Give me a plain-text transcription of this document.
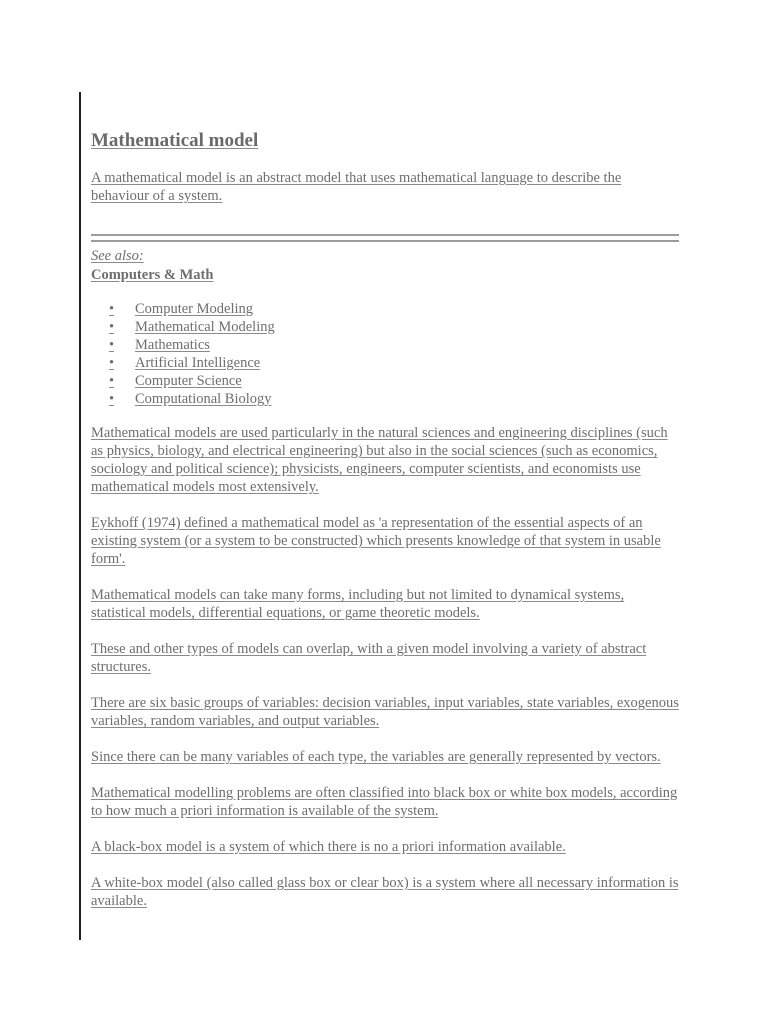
Mathematical model

A mathematical model is an abstract model that uses mathematical language to describe the behaviour of a system.

See also:
Computers & Math
• Computer Modeling
• Mathematical Modeling
• Mathematics
• Artificial Intelligence
• Computer Science
• Computational Biology

Mathematical models are used particularly in the natural sciences and engineering disciplines (such as physics, biology, and electrical engineering) but also in the social sciences (such as economics, sociology and political science); physicists, engineers, computer scientists, and economists use mathematical models most extensively.

Eykhoff (1974) defined a mathematical model as 'a representation of the essential aspects of an existing system (or a system to be constructed) which presents knowledge of that system in usable form'.

Mathematical models can take many forms, including but not limited to dynamical systems, statistical models, differential equations, or game theoretic models.

These and other types of models can overlap, with a given model involving a variety of abstract structures.

There are six basic groups of variables: decision variables, input variables, state variables, exogenous variables, random variables, and output variables.

Since there can be many variables of each type, the variables are generally represented by vectors.

Mathematical modelling problems are often classified into black box or white box models, according to how much a priori information is available of the system.

A black-box model is a system of which there is no a priori information available.

A white-box model (also called glass box or clear box) is a system where all necessary information is available.
